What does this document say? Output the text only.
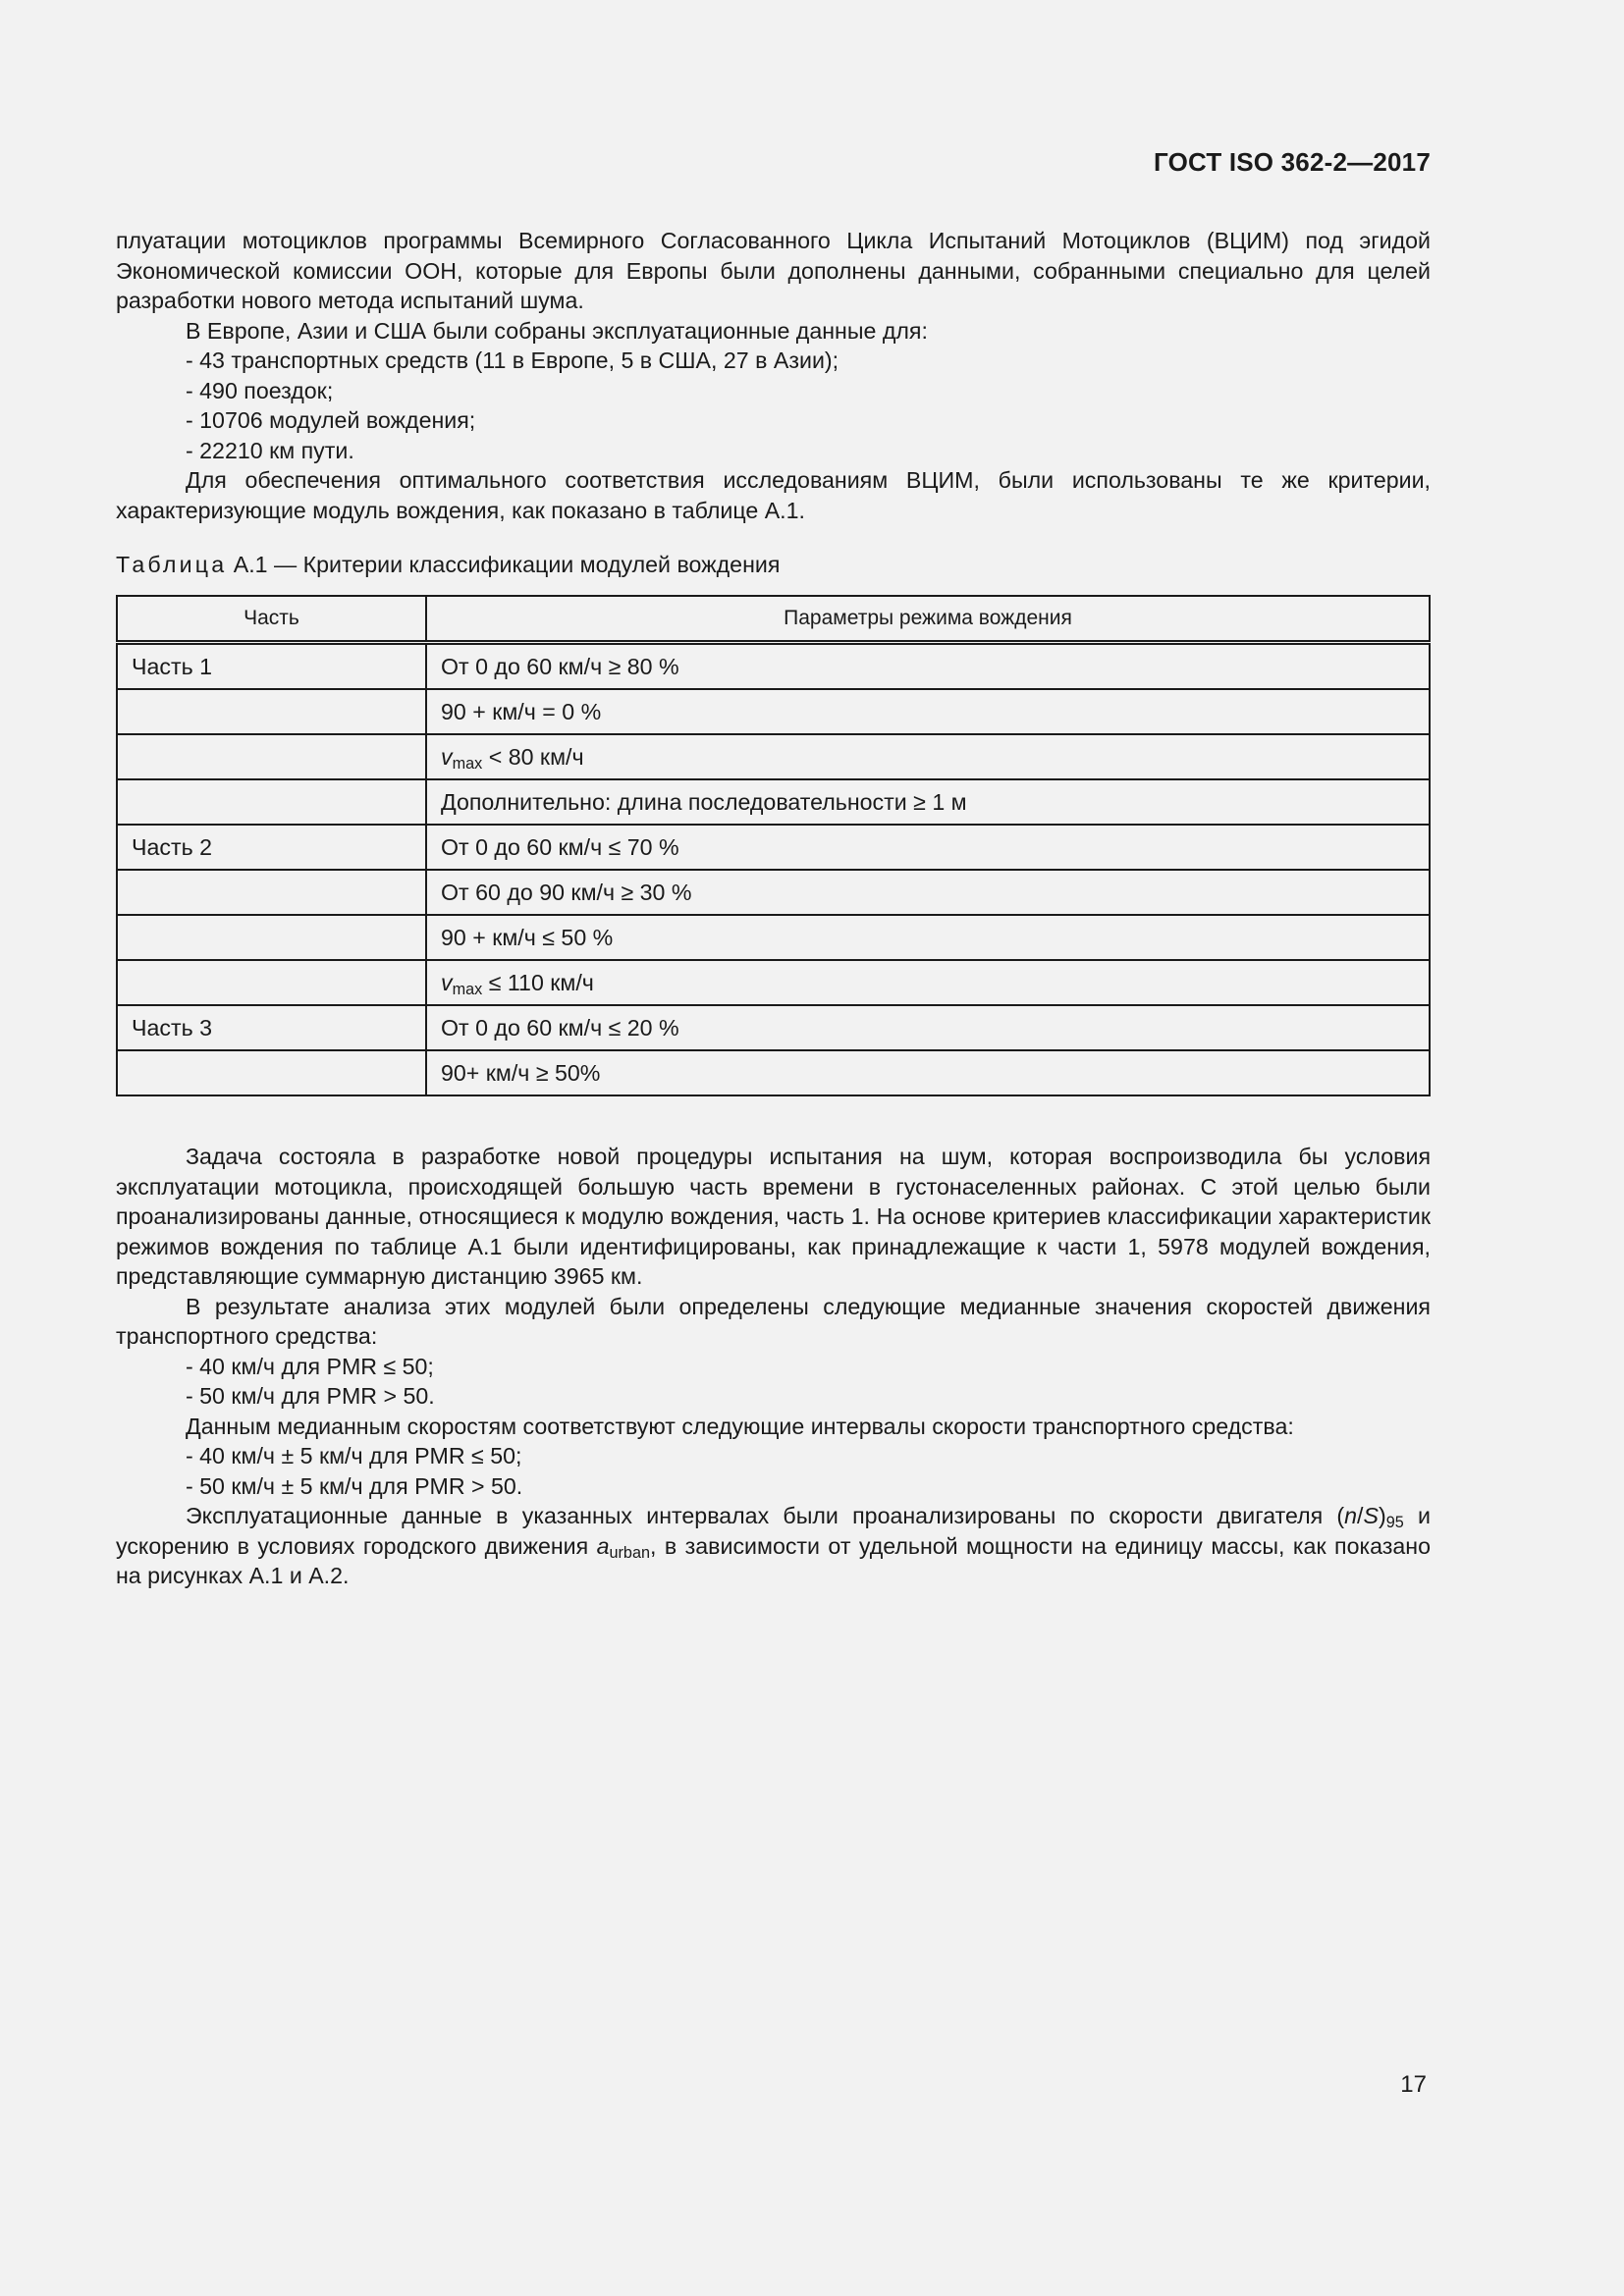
ГОСТ ISO 362-2—2017

плуатации мотоциклов программы Всемирного Согласованного Цикла Испытаний Мотоциклов (ВЦИМ) под эгидой Экономической комиссии ООН, которые для Европы были дополнены данными, собранными специально для целей разработки нового метода испытаний шума.

В Европе, Азии и США были собраны эксплуатационные данные для:

- 43 транспортных средств (11 в Европе, 5 в США, 27 в Азии);

- 490 поездок;

- 10706 модулей вождения;

- 22210 км пути.

Для обеспечения оптимального соответствия исследованиям ВЦИМ, были использованы те же критерии, характеризующие модуль вождения, как показано в таблице А.1.

Таблица А.1 — Критерии классификации модулей вождения
Часть	Параметры режима вождения
Часть 1	От 0 до 60 км/ч ≥ 80 %
	90 + км/ч = 0 %
	$v_{max} < 80$ км/ч
	Дополнительно: длина последовательности ≥ 1 м
Часть 2	От 0 до 60 км/ч ≤ 70 %
	От 60 до 90 км/ч ≥ 30 %
	90 + км/ч ≤ 50 %
	$v_{max} \le 110$ км/ч
Часть 3	От 0 до 60 км/ч ≤ 20 %
	90+ км/ч ≥ 50%

Задача состояла в разработке новой процедуры испытания на шум, которая воспроизводила бы условия эксплуатации мотоцикла, происходящей большую часть времени в густонаселенных районах. С этой целью были проанализированы данные, относящиеся к модулю вождения, часть 1. На основе критериев классификации характеристик режимов вождения по таблице А.1 были идентифицированы, как принадлежащие к части 1, 5978 модулей вождения, представляющие суммарную дистанцию 3965 км.

В результате анализа этих модулей были определены следующие медианные значения скоростей движения транспортного средства:

- 40 км/ч для PMR ≤ 50;

- 50 км/ч для PMR > 50.

Данным медианным скоростям соответствуют следующие интервалы скорости транспортного средства:

- 40 км/ч ± 5 км/ч для PMR ≤ 50;

- 50 км/ч ± 5 км/ч для PMR > 50.

Эксплуатационные данные в указанных интервалах были проанализированы по скорости двигателя $(n/S)_{95}$ и ускорению в условиях городского движения $a_{urban}$, в зависимости от удельной мощности на единицу массы, как показано на рисунках А.1 и А.2.

17
